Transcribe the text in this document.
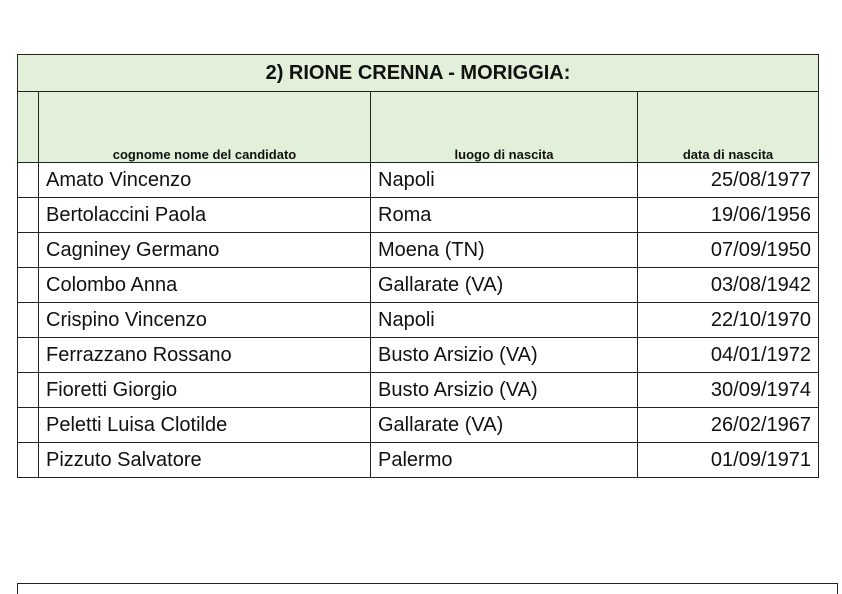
2) RIONE CRENNA - MORIGGIA:			
	cognome nome del candidato	luogo di nascita	data di nascita
	Amato Vincenzo	Napoli	25/08/1977
	Bertolaccini Paola	Roma	19/06/1956
	Cagniney Germano	Moena (TN)	07/09/1950
	Colombo Anna	Gallarate (VA)	03/08/1942
	Crispino Vincenzo	Napoli	22/10/1970
	Ferrazzano Rossano	Busto Arsizio (VA)	04/01/1972
	Fioretti Giorgio	Busto Arsizio (VA)	30/09/1974
	Peletti Luisa Clotilde	Gallarate (VA)	26/02/1967
	Pizzuto Salvatore	Palermo	01/09/1971
